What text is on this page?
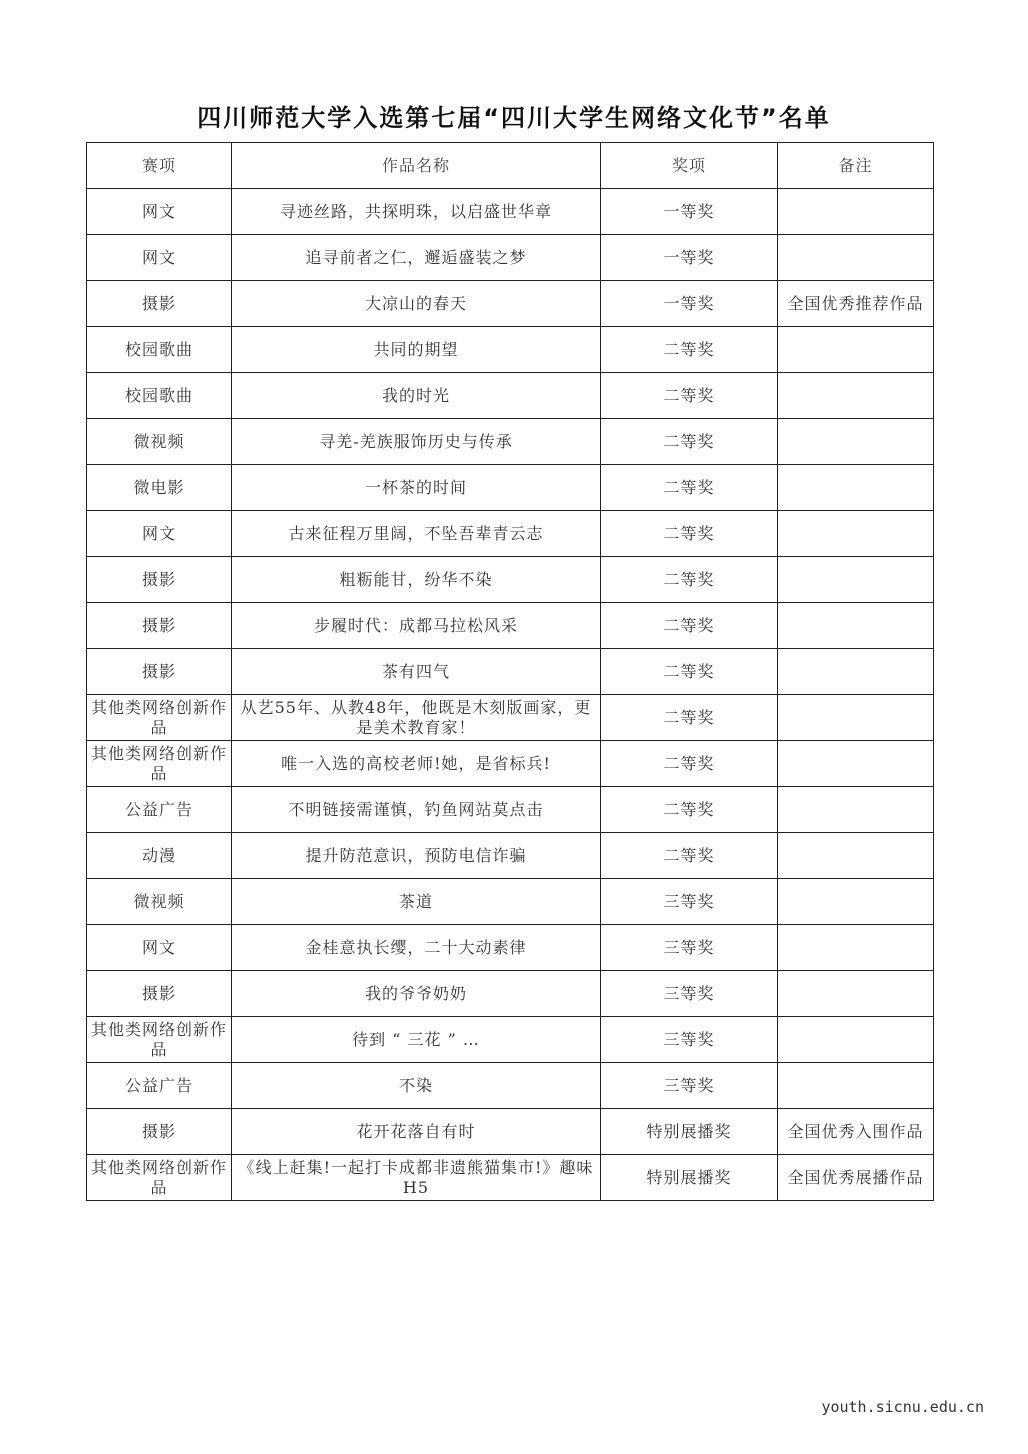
四川师范大学入选第七届“四川大学生网络文化节”名单
赛项	作品名称	奖项	备注
网文	寻迹丝路，共探明珠，以启盛世华章	一等奖	
网文	追寻前者之仁，邂逅盛装之梦	一等奖	
摄影	大凉山的春天	一等奖	全国优秀推荐作品
校园歌曲	共同的期望	二等奖	
校园歌曲	我的时光	二等奖	
微视频	寻羌-羌族服饰历史与传承	二等奖	
微电影	一杯茶的时间	二等奖	
网文	古来征程万里阔，不坠吾辈青云志	二等奖	
摄影	粗粝能甘，纷华不染	二等奖	
摄影	步履时代：成都马拉松风采	二等奖	
摄影	茶有四气	二等奖	
其他类网络创新作品	从艺55年、从教48年，他既是木刻版画家，更是美术教育家！	二等奖	
其他类网络创新作品	唯一入选的高校老师!她，是省标兵!	二等奖	
公益广告	不明链接需谨慎，钓鱼网站莫点击	二等奖	
动漫	提升防范意识，预防电信诈骗	二等奖	
微视频	茶道	三等奖	
网文	金桂意执长缨，二十大动素律	三等奖	
摄影	我的爷爷奶奶	三等奖	
其他类网络创新作品	待到 “ 三花 ” …	三等奖	
公益广告	不染	三等奖	
摄影	花开花落自有时	特别展播奖	全国优秀入围作品
其他类网络创新作品	《线上赶集!一起打卡成都非遗熊猫集市!》趣味H5	特别展播奖	全国优秀展播作品
youth.sicnu.edu.cn
